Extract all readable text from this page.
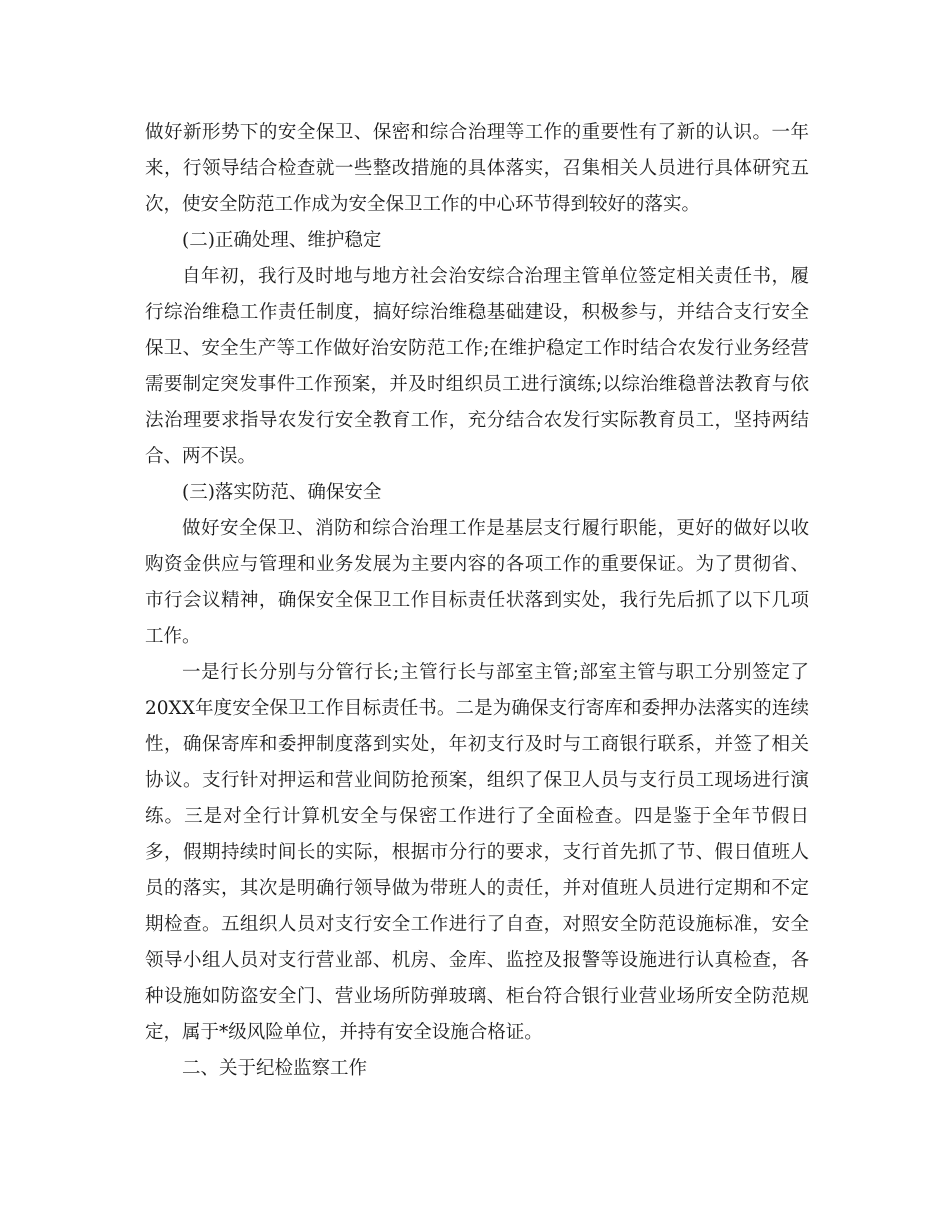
做好新形势下的安全保卫、保密和综合治理等工作的重要性有了新的认识。一年来，行领导结合检查就一些整改措施的具体落实，召集相关人员进行具体研究五次，使安全防范工作成为安全保卫工作的中心环节得到较好的落实。

(二)正确处理、维护稳定

自年初，我行及时地与地方社会治安综合治理主管单位签定相关责任书，履行综治维稳工作责任制度，搞好综治维稳基础建设，积极参与，并结合支行安全保卫、安全生产等工作做好治安防范工作;在维护稳定工作时结合农发行业务经营需要制定突发事件工作预案，并及时组织员工进行演练;以综治维稳普法教育与依法治理要求指导农发行安全教育工作，充分结合农发行实际教育员工，坚持两结合、两不误。

(三)落实防范、确保安全

做好安全保卫、消防和综合治理工作是基层支行履行职能，更好的做好以收购资金供应与管理和业务发展为主要内容的各项工作的重要保证。为了贯彻省、市行会议精神，确保安全保卫工作目标责任状落到实处，我行先后抓了以下几项工作。

一是行长分别与分管行长;主管行长与部室主管;部室主管与职工分别签定了20XX年度安全保卫工作目标责任书。二是为确保支行寄库和委押办法落实的连续性，确保寄库和委押制度落到实处，年初支行及时与工商银行联系，并签了相关协议。支行针对押运和营业间防抢预案，组织了保卫人员与支行员工现场进行演练。三是对全行计算机安全与保密工作进行了全面检查。四是鉴于全年节假日多，假期持续时间长的实际，根据市分行的要求，支行首先抓了节、假日值班人员的落实，其次是明确行领导做为带班人的责任，并对值班人员进行定期和不定期检查。五组织人员对支行安全工作进行了自查，对照安全防范设施标准，安全领导小组人员对支行营业部、机房、金库、监控及报警等设施进行认真检查，各种设施如防盗安全门、营业场所防弹玻璃、柜台符合银行业营业场所安全防范规定，属于*级风险单位，并持有安全设施合格证。

二、关于纪检监察工作
